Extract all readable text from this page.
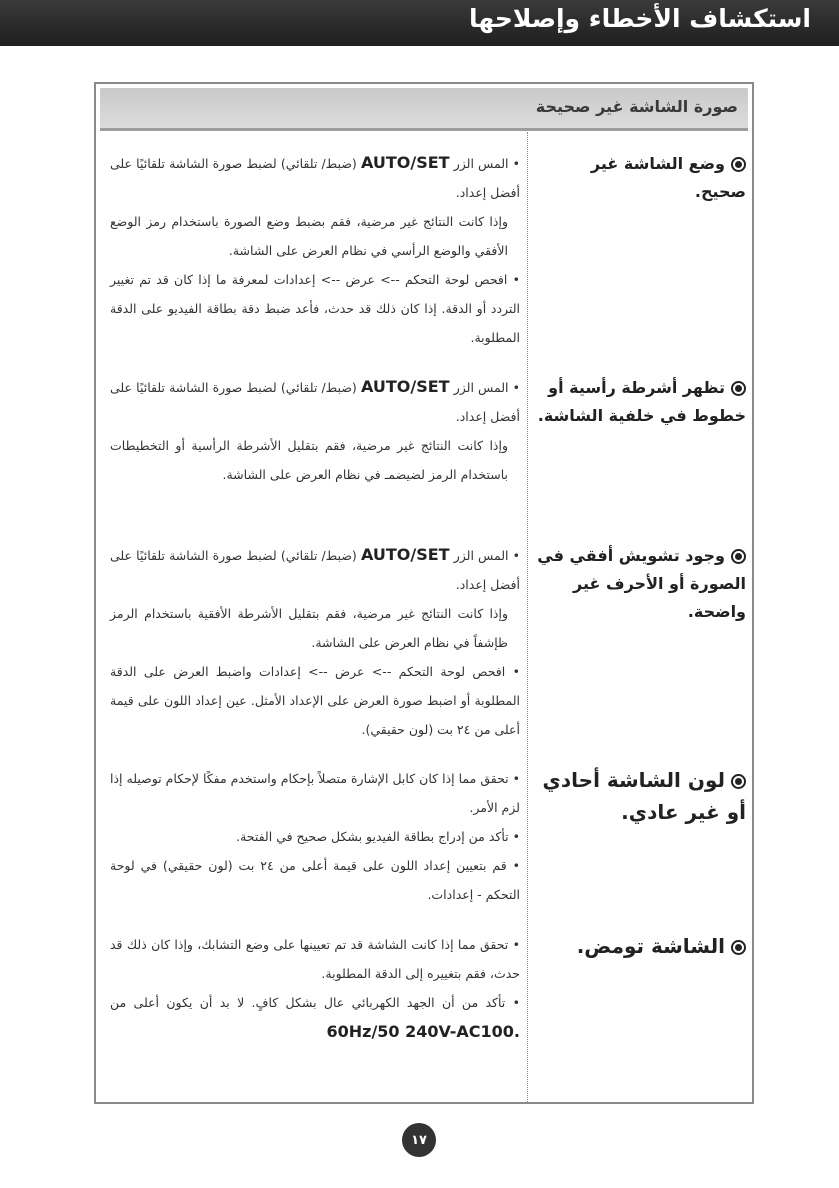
استكشاف الأخطاء وإصلاحها
صورة الشاشة غير صحيحة
وضع الشاشة غير صحيح.

• المس الزر AUTO/SET (ضبط/ تلقائي) لضبط صورة الشاشة تلقائيًا على أفضل إعداد.

وإذا كانت النتائج غير مرضية، فقم بضبط وضع الصورة باستخدام رمز الوضع الأفقي والوضع الرأسي في نظام العرض على الشاشة.

• افحص لوحة التحكم --> عرض --> إعدادات لمعرفة ما إذا كان قد تم تغيير التردد أو الدقة. إذا كان ذلك قد حدث، فأعد ضبط دقة بطاقة الفيديو على الدقة المطلوبة.

تظهر أشرطة رأسية أو خطوط في خلفية الشاشة.

• المس الزر AUTO/SET (ضبط/ تلقائي) لضبط صورة الشاشة تلقائيًا على أفضل إعداد.

وإذا كانت النتائج غير مرضية، فقم بتقليل الأشرطة الرأسية أو التخطيطات باستخدام الرمز لضيضمـ في نظام العرض على الشاشة.

وجود تشويش أفقي في الصورة أو الأحرف غير واضحة.

• المس الزر AUTO/SET (ضبط/ تلقائي) لضبط صورة الشاشة تلقائيًا على أفضل إعداد.

وإذا كانت النتائج غير مرضية، فقم بتقليل الأشرطة الأفقية باستخدام الرمز ظإشفاً في نظام العرض على الشاشة.

• افحص لوحة التحكم --> عرض --> إعدادات واضبط العرض على الدقة المطلوبة أو اضبط صورة العرض على الإعداد الأمثل. عين إعداد اللون على قيمة أعلى من ٢٤ بت (لون حقيقي).

لون الشاشة أحادي أو غير عادي.

• تحقق مما إذا كان كابل الإشارة متصلاً بإحكام واستخدم مفكًا لإحكام توصيله إذا لزم الأمر.

• تأكد من إدراج بطاقة الفيديو بشكل صحيح في الفتحة.

• قم بتعيين إعداد اللون على قيمة أعلى من ٢٤ بت (لون حقيقي) في لوحة التحكم - إعدادات.

الشاشة تومض.

• تحقق مما إذا كانت الشاشة قد تم تعيينها على وضع التشابك، وإذا كان ذلك قد حدث، فقم بتغييره إلى الدقة المطلوبة.

• تأكد من أن الجهد الكهربائي عال بشكل كافٍ. لا بد أن يكون أعلى من 60Hz/50 240V-AC100.

١٧
